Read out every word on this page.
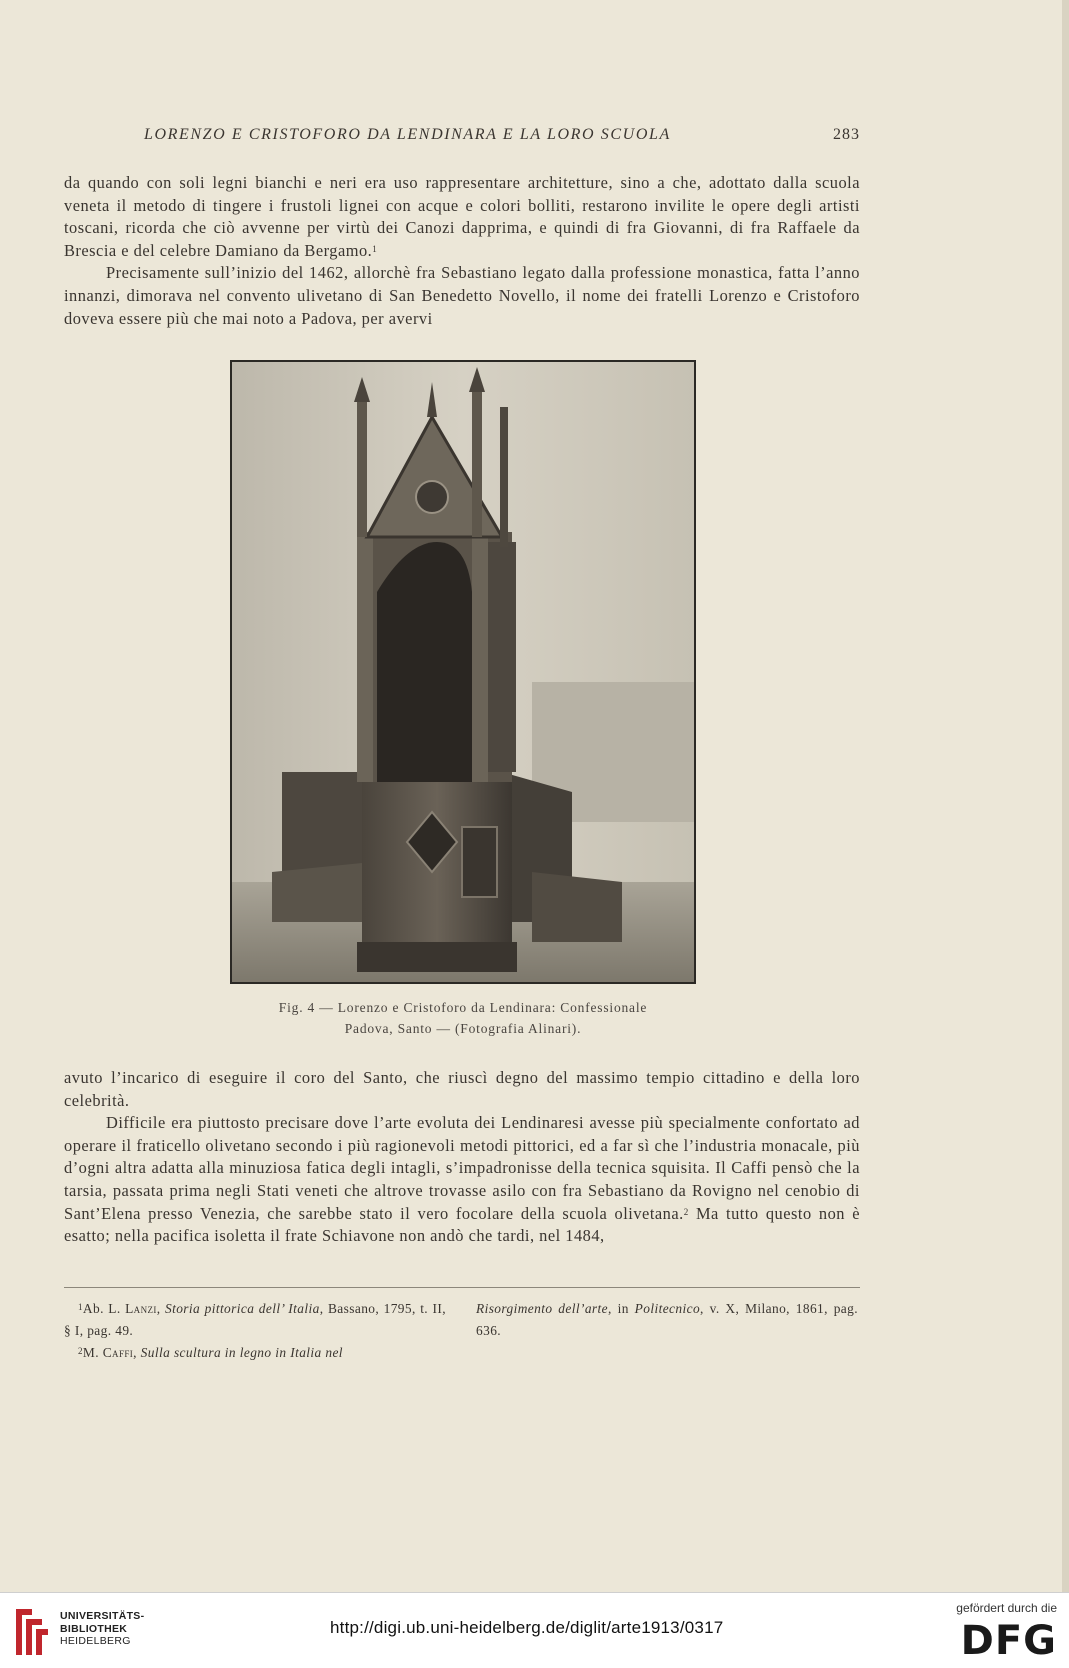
LORENZO E CRISTOFORO DA LENDINARA E LA LORO SCUOLA	283

da quando con soli legni bianchi e neri era uso rappresentare architetture, sino a che, adottato dalla scuola veneta il metodo di tingere i frustoli lignei con acque e colori bolliti, restarono invilite le opere degli artisti toscani, ricorda che ciò avvenne per virtù dei Canozi dapprima, e quindi di fra Giovanni, di fra Raffaele da Brescia e del celebre Damiano da Bergamo.$^1$

Precisamente sull’inizio del 1462, allorchè fra Sebastiano legato dalla professione monastica, fatta l’anno innanzi, dimorava nel convento ulivetano di San Benedetto Novello, il nome dei fratelli Lorenzo e Cristoforo doveva essere più che mai noto a Padova, per avervi

Fig. 4 — Lorenzo e Cristoforo da Lendinara: Confessionale
Padova, Santo — (Fotografia Alinari).

avuto l’incarico di eseguire il coro del Santo, che riuscì degno del massimo tempio cittadino e della loro celebrità.

Difficile era piuttosto precisare dove l’arte evoluta dei Lendinaresi avesse più specialmente confortato ad operare il fraticello olivetano secondo i più ragionevoli metodi pittorici, ed a far sì che l’industria monacale, più d’ogni altra adatta alla minuziosa fatica degli intagli, s’impadronisse della tecnica squisita. Il Caffi pensò che la tarsia, passata prima negli Stati veneti che altrove trovasse asilo con fra Sebastiano da Rovigno nel cenobio di Sant’Elena presso Venezia, che sarebbe stato il vero focolare della scuola olivetana.$^2$ Ma tutto questo non è esatto; nella pacifica isoletta il frate Schiavone non andò che tardi, nel 1484,

$^1$Ab. L. Lanzi, Storia pittorica dell’ Italia, Bassano, 1795, t. II, § I, pag. 49.

$^2$M. Caffi, Sulla scultura in legno in Italia nel

Risorgimento dell’arte, in Politecnico, v. X, Milano, 1861, pag. 636.

UNIVERSITÄTS-
BIBLIOTHEK
HEIDELBERG
http://digi.ub.uni-heidelberg.de/diglit/arte1913/0317
gefördert durch die
DFG
